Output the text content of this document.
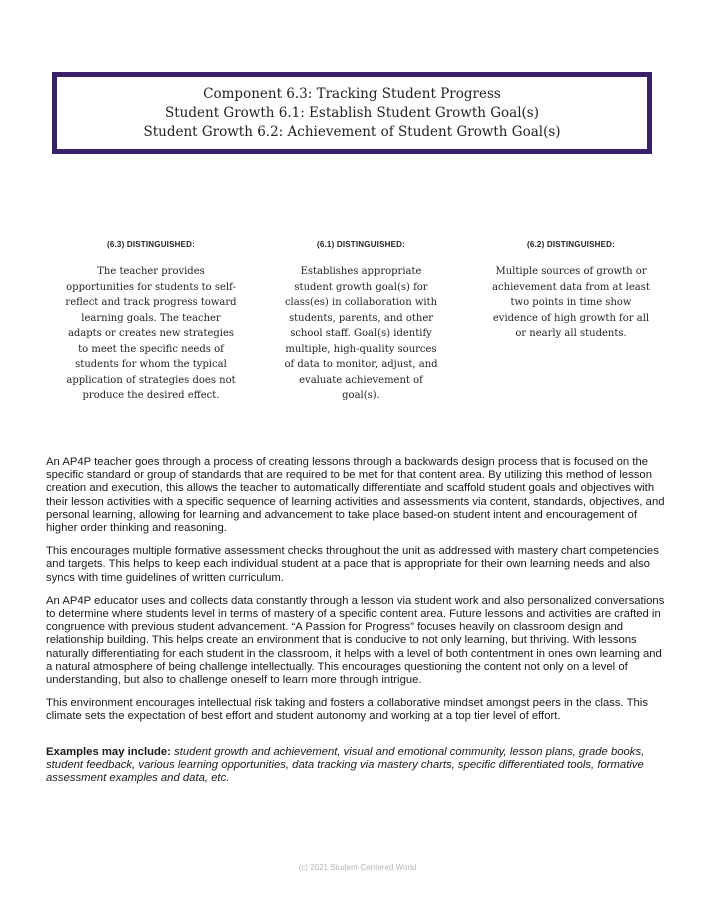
Component 6.3: Tracking Student Progress
Student Growth 6.1: Establish Student Growth Goal(s)
Student Growth 6.2: Achievement of Student Growth Goal(s)
(6.3) DISTINGUISHED:
The teacher provides opportunities for students to self-reflect and track progress toward learning goals. The teacher adapts or creates new strategies to meet the specific needs of students for whom the typical application of strategies does not produce the desired effect.
(6.1) DISTINGUISHED:
Establishes appropriate student growth goal(s) for class(es) in collaboration with students, parents, and other school staff. Goal(s) identify multiple, high-quality sources of data to monitor, adjust, and evaluate achievement of goal(s).
(6.2) DISTINGUISHED:
Multiple sources of growth or achievement data from at least two points in time show evidence of high growth for all or nearly all students.

An AP4P teacher goes through a process of creating lessons through a backwards design process that is focused on the specific standard or group of standards that are required to be met for that content area. By utilizing this method of lesson creation and execution, this allows the teacher to automatically differentiate and scaffold student goals and objectives with their lesson activities with a specific sequence of learning activities and assessments via content, standards, objectives, and personal learning, allowing for learning and advancement to take place based-on student intent and encouragement of higher order thinking and reasoning.

This encourages multiple formative assessment checks throughout the unit as addressed with mastery chart competencies and targets. This helps to keep each individual student at a pace that is appropriate for their own learning needs and also syncs with time guidelines of written curriculum.

An AP4P educator uses and collects data constantly through a lesson via student work and also personalized conversations to determine where students level in terms of mastery of a specific content area. Future lessons and activities are crafted in congruence with previous student advancement. “A Passion for Progress” focuses heavily on classroom design and relationship building. This helps create an environment that is conducive to not only learning, but thriving. With lessons naturally differentiating for each student in the classroom, it helps with a level of both contentment in ones own learning and a natural atmosphere of being challenge intellectually. This encourages questioning the content not only on a level of understanding, but also to challenge oneself to learn more through intrigue.

This environment encourages intellectual risk taking and fosters a collaborative mindset amongst peers in the class. This climate sets the expectation of best effort and student autonomy and working at a top tier level of effort.

Examples may include: student growth and achievement, visual and emotional community, lesson plans, grade books, student feedback, various learning opportunities, data tracking via mastery charts, specific differentiated tools, formative assessment examples and data, etc.

(c) 2021 Student-Centered World
